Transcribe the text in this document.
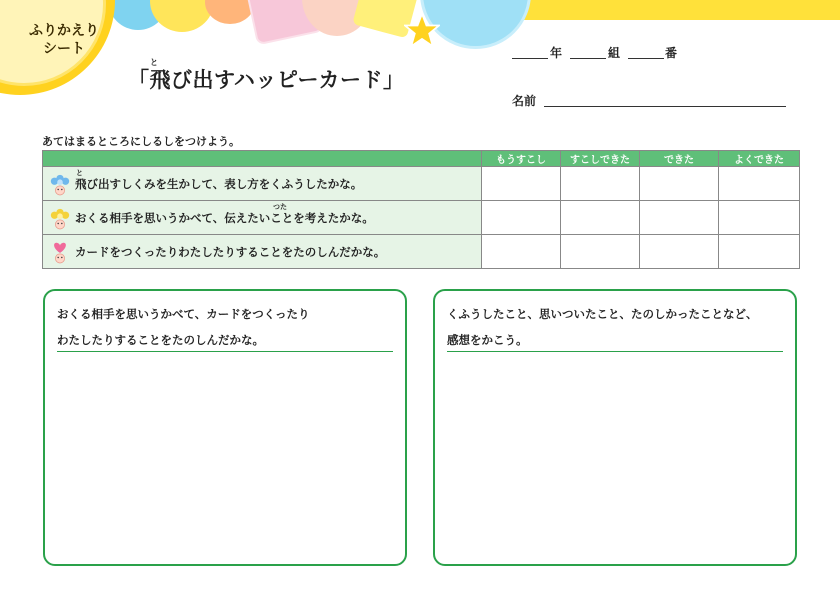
ふりかえり
シート
と
「飛び出すハッピーカード」
年	組	番
名前
あてはまるところにしるしをつけよう。
	もうすこし	すこしできた	できた	よくできた

と
飛び出すしくみを生かして、表し方をくふうしたかな。				

つた
おくる相手を思いうかべて、伝えたいことを考えたかな。				

カードをつくったりわたしたりすることをたのしんだかな。				

おくる相手を思いうかべて、カードをつくったり
わたしたりすることをたのしんだかな。
くふうしたこと、思いついたこと、たのしかったことなど、
感想をかこう。
